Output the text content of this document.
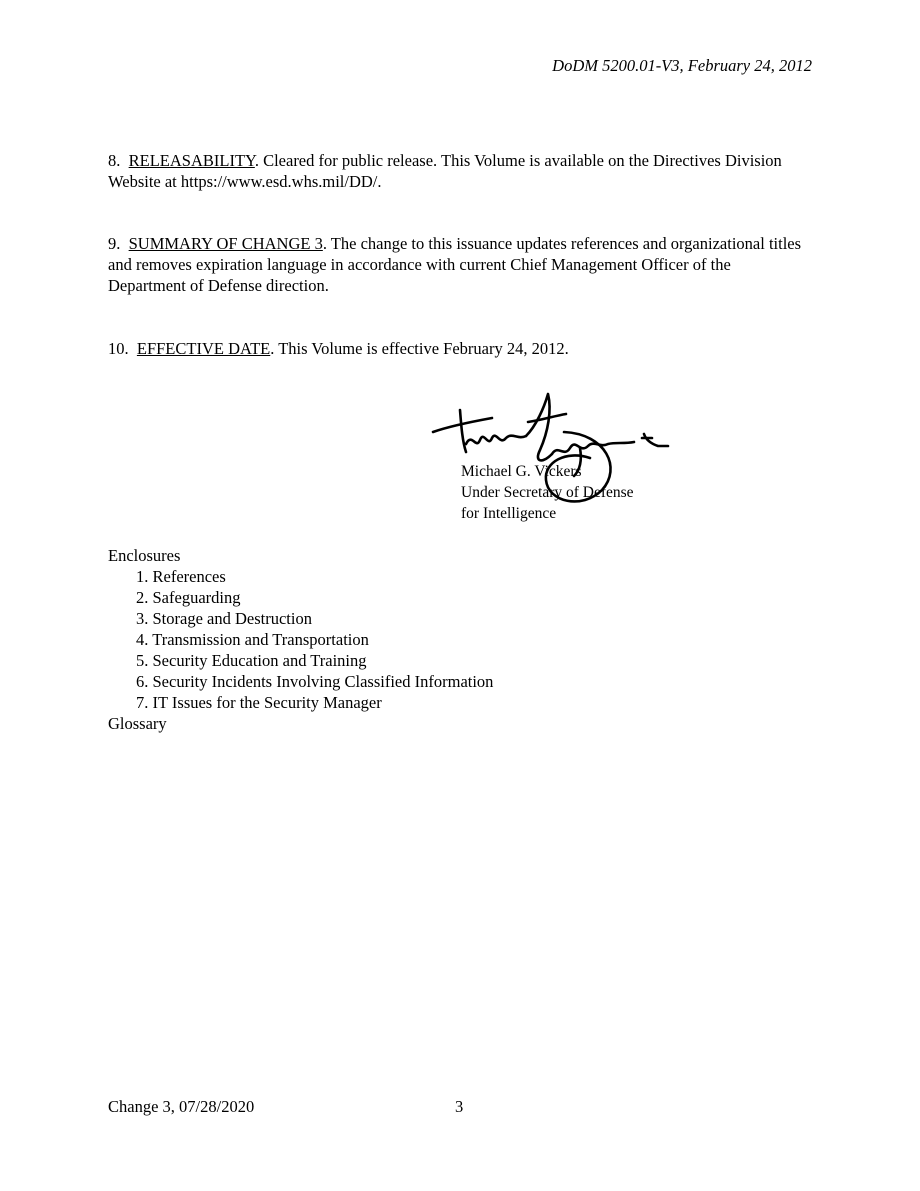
DoDM 5200.01-V3, February 24, 2012

8. RELEASABILITY. Cleared for public release. This Volume is available on the Directives Division Website at https://www.esd.whs.mil/DD/.

9. SUMMARY OF CHANGE 3. The change to this issuance updates references and organizational titles and removes expiration language in accordance with current Chief Management Officer of the Department of Defense direction.

10. EFFECTIVE DATE. This Volume is effective February 24, 2012.

Michael G. Vickers
Under Secretary of Defense
for Intelligence
Enclosures
1. References
2. Safeguarding
3. Storage and Destruction
4. Transmission and Transportation
5. Security Education and Training
6. Security Incidents Involving Classified Information
7. IT Issues for the Security Manager
Glossary
Change 3, 07/28/2020	3
